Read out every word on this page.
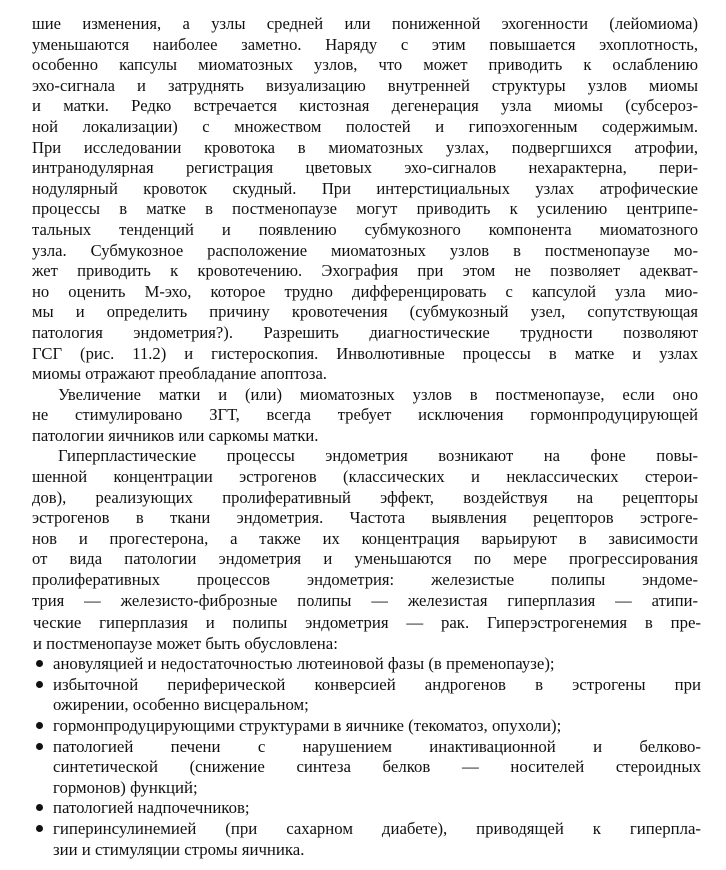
шие изменения, а узлы средней или пониженной эхогенности (лейомиома)
уменьшаются наиболее заметно. Наряду с этим повышается эхоплотность,
особенно капсулы миоматозных узлов, что может приводить к ослаблению
эхо-сигнала и затруднять визуализацию внутренней структуры узлов миомы
и матки. Редко встречается кистозная дегенерация узла миомы (субсероз-
ной локализации) с множеством полостей и гипоэхогенным содержимым.
При исследовании кровотока в миоматозных узлах, подвергшихся атрофии,
интранодулярная регистрация цветовых эхо-сигналов нехарактерна, пери-
нодулярный кровоток скудный. При интерстициальных узлах атрофические
процессы в матке в постменопаузе могут приводить к усилению центрипе-
тальных тенденций и появлению субмукозного компонента миоматозного
узла. Субмукозное расположение миоматозных узлов в постменопаузе мо-
жет приводить к кровотечению. Эхография при этом не позволяет адекват-
но оценить М-эхо, которое трудно дифференцировать с капсулой узла мио-
мы и определить причину кровотечения (субмукозный узел, сопутствующая
патология эндометрия?). Разрешить диагностические трудности позволяют
ГСГ (рис. 11.2) и гистероскопия. Инволютивные процессы в матке и узлах
миомы отражают преобладание апоптоза.
Увеличение матки и (или) миоматозных узлов в постменопаузе, если оно
не стимулировано ЗГТ, всегда требует исключения гормонпродуцирующей
патологии яичников или саркомы матки.
Гиперпластические процессы эндометрия возникают на фоне повы-
шенной концентрации эстрогенов (классических и неклассических стерои-
дов), реализующих пролиферативный эффект, воздействуя на рецепторы
эстрогенов в ткани эндометрия. Частота выявления рецепторов эстроге-
нов и прогестерона, а также их концентрация варьируют в зависимости
от вида патологии эндометрия и уменьшаются по мере прогрессирования
пролиферативных процессов эндометрия: железистые полипы эндоме-
трия — железисто-фиброзные полипы — железистая гиперплазия — атипи-
ческие гиперплазия и полипы эндометрия — рак. Гиперэстрогенемия в пре-
и постменопаузе может быть обусловлена:
ановуляцией и недостаточностью лютеиновой фазы (в пременопаузе);
избыточной периферической конверсией андрогенов в эстрогены при
ожирении, особенно висцеральном;
гормонпродуцирующими структурами в яичнике (текоматоз, опухоли);
патологией печени с нарушением инактивационной и белково-
синтетической (снижение синтеза белков — носителей стероидных
гормонов) функций;
патологией надпочечников;
гиперинсулинемией (при сахарном диабете), приводящей к гиперпла-
зии и стимуляции стромы яичника.
